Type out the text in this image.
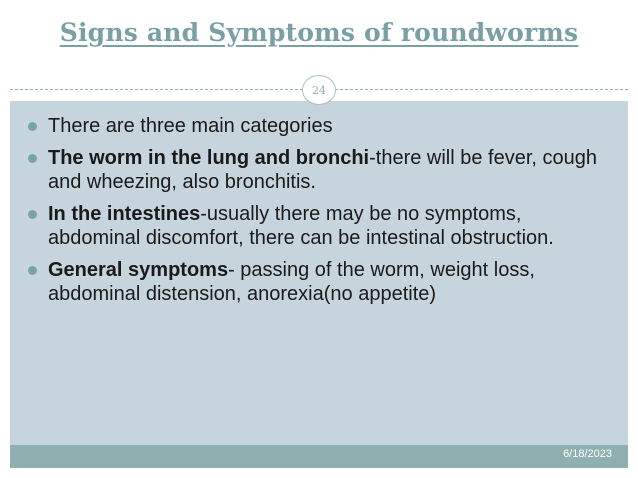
Signs and Symptoms of roundworms
24
There are three main categories
The worm in the lung and bronchi-there will be fever, cough and wheezing, also bronchitis.
In the intestines-usually there may be no symptoms, abdominal discomfort, there can be intestinal obstruction.
General symptoms- passing of the worm, weight loss, abdominal distension, anorexia(no appetite)
6/18/2023
